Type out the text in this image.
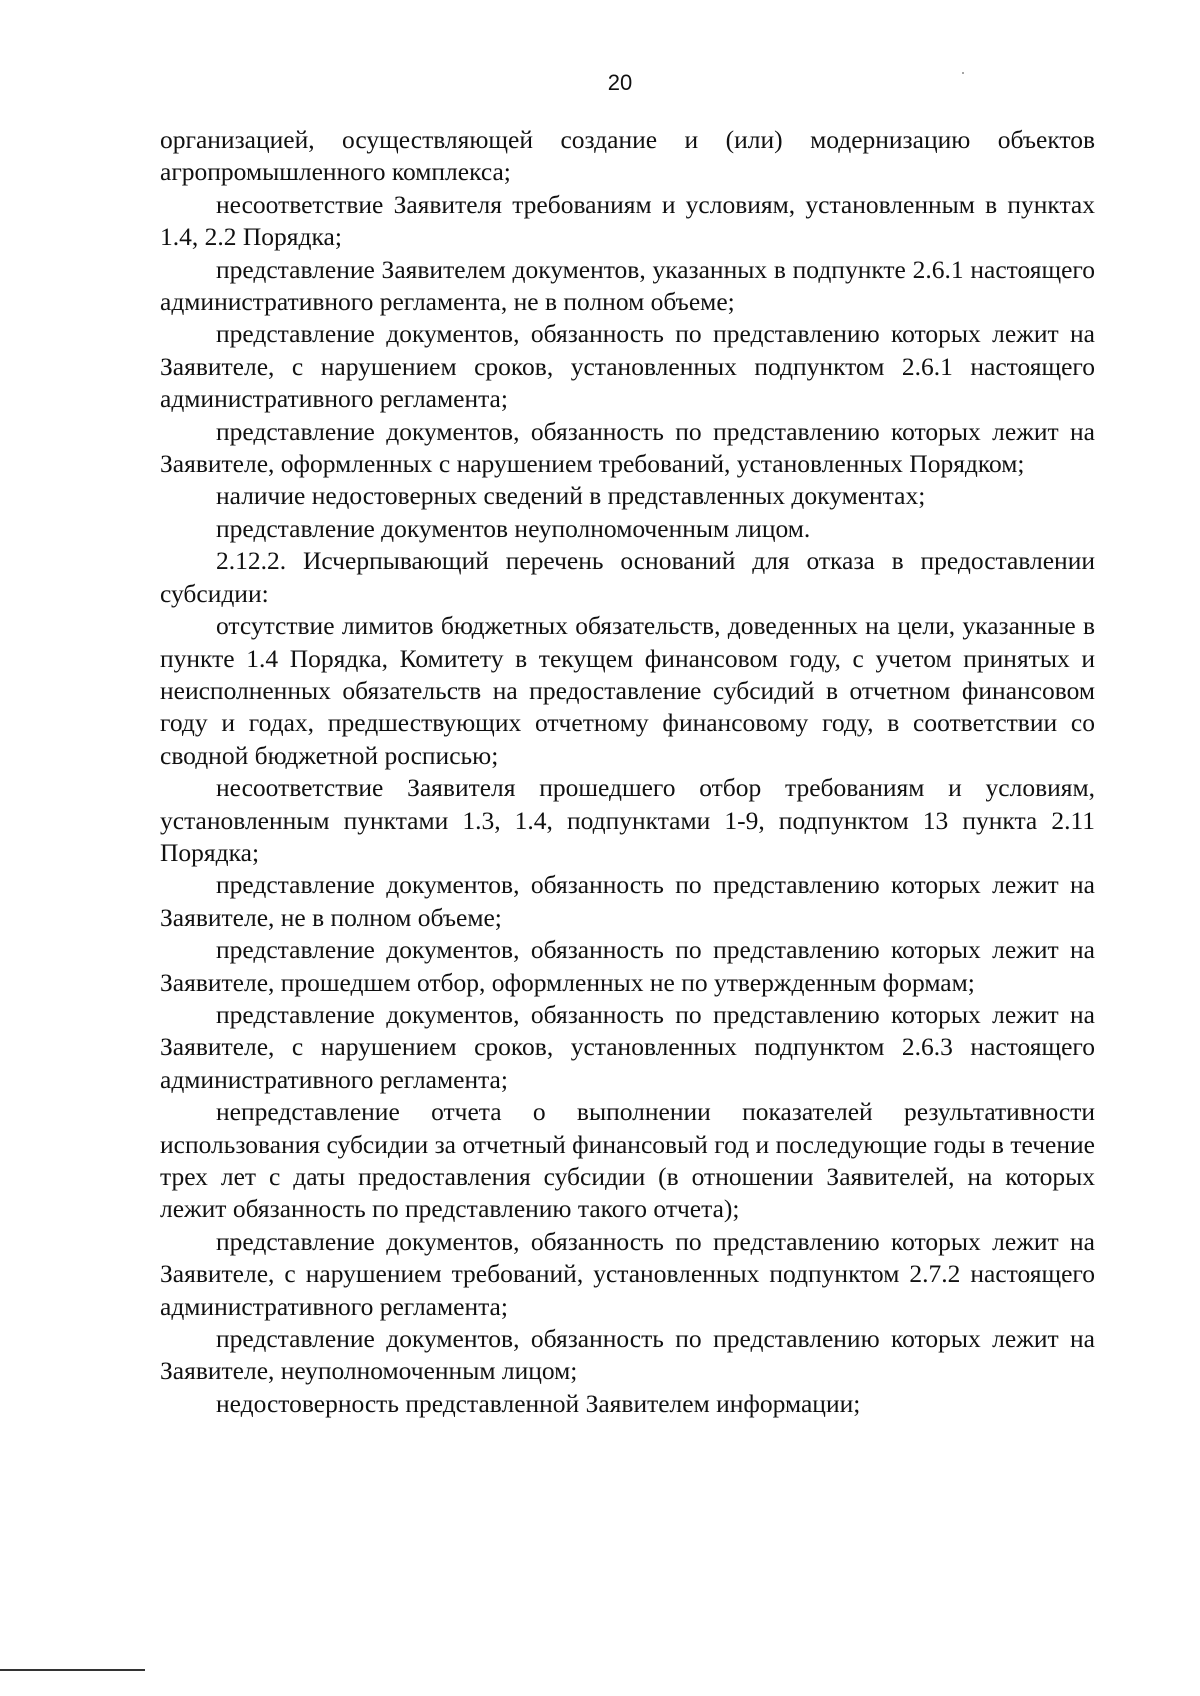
20

организацией, осуществляющей создание и (или) модернизацию объектов агропромышленного комплекса;

несоответствие Заявителя требованиям и условиям, установленным в пунктах 1.4, 2.2 Порядка;

представление Заявителем документов, указанных в подпункте 2.6.1 настоящего административного регламента, не в полном объеме;

представление документов, обязанность по представлению которых лежит на Заявителе, с нарушением сроков, установленных подпунктом 2.6.1 настоящего административного регламента;

представление документов, обязанность по представлению которых лежит на Заявителе, оформленных с нарушением требований, установленных Порядком;

наличие недостоверных сведений в представленных документах;

представление документов неуполномоченным лицом.

2.12.2. Исчерпывающий перечень оснований для отказа в предоставлении субсидии:

отсутствие лимитов бюджетных обязательств, доведенных на цели, указанные в пункте 1.4 Порядка, Комитету в текущем финансовом году, с учетом принятых и неисполненных обязательств на предоставление субсидий в отчетном финансовом году и годах, предшествующих отчетному финансовому году, в соответствии со сводной бюджетной росписью;

несоответствие Заявителя прошедшего отбор требованиям и условиям, установленным пунктами 1.3, 1.4, подпунктами 1-9, подпунктом 13 пункта 2.11 Порядка;

представление документов, обязанность по представлению которых лежит на Заявителе, не в полном объеме;

представление документов, обязанность по представлению которых лежит на Заявителе, прошедшем отбор, оформленных не по утвержденным формам;

представление документов, обязанность по представлению которых лежит на Заявителе, с нарушением сроков, установленных подпунктом 2.6.3 настоящего административного регламента;

непредставление отчета о выполнении показателей результативности использования субсидии за отчетный финансовый год и последующие годы в течение трех лет с даты предоставления субсидии (в отношении Заявителей, на которых лежит обязанность по представлению такого отчета);

представление документов, обязанность по представлению которых лежит на Заявителе, с нарушением требований, установленных подпунктом 2.7.2 настоящего административного регламента;

представление документов, обязанность по представлению которых лежит на Заявителе, неуполномоченным лицом;

недостоверность представленной Заявителем информации;
